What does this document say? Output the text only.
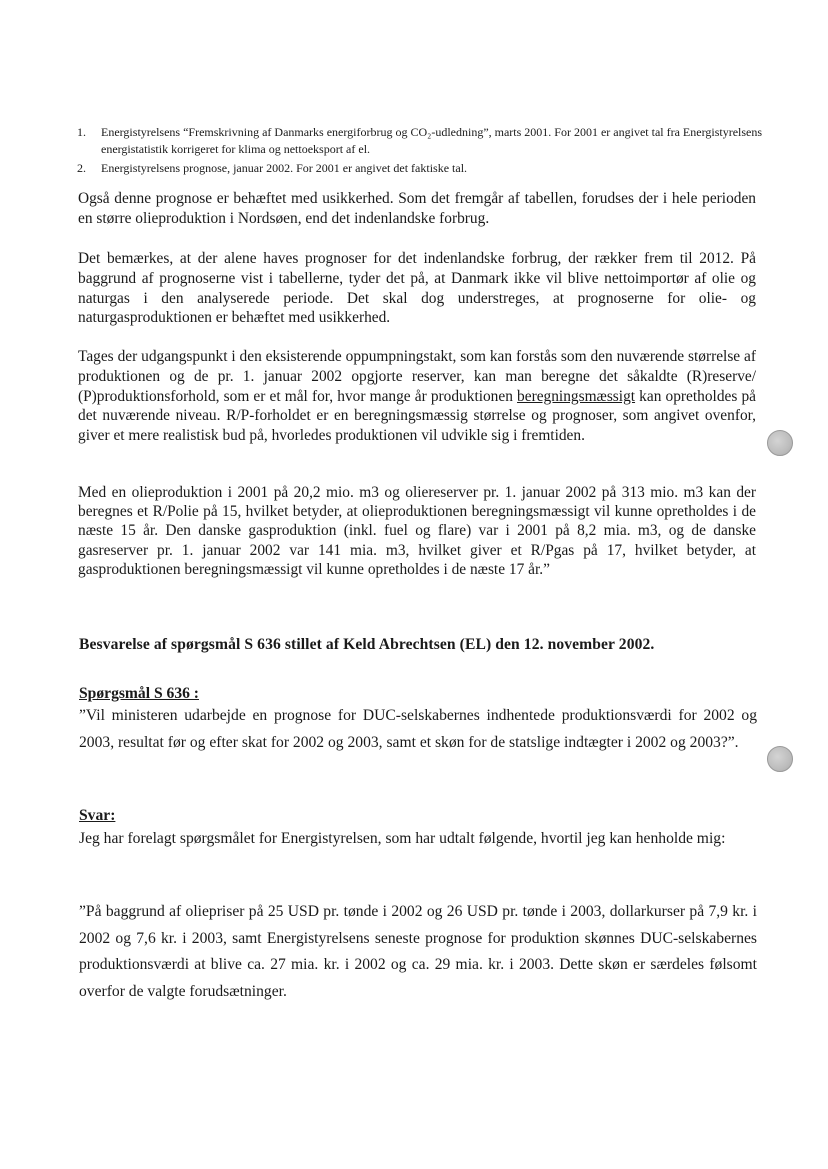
1.	Energistyrelsens “Fremskrivning af Danmarks energiforbrug og CO₂-udledning”, marts 2001. For 2001 er angivet tal fra Energistyrelsens energistatistik korrigeret for klima og nettoeksport af el.
2.	Energistyrelsens prognose, januar 2002. For 2001 er angivet det faktiske tal.

Også denne prognose er behæftet med usikkerhed. Som det fremgår af tabellen, forudses der i hele perioden en større olieproduktion i Nordsøen, end det indenlandske forbrug.

Det bemærkes, at der alene haves prognoser for det indenlandske forbrug, der rækker frem til 2012. På baggrund af prognoserne vist i tabellerne, tyder det på, at Danmark ikke vil blive nettoimportør af olie og naturgas i den analyserede periode. Det skal dog understreges, at prognoserne for olie- og naturgasproduktionen er behæftet med usikkerhed.

Tages der udgangspunkt i den eksisterende oppumpningstakt, som kan forstås som den nuværende størrelse af produktionen og de pr. 1. januar 2002 opgjorte reserver, kan man beregne det såkaldte (R)reserve/ (P)produktionsforhold, som er et mål for, hvor mange år produktionen beregningsmæssigt kan opretholdes på det nuværende niveau. R/P-forholdet er en beregningsmæssig størrelse og prognoser, som angivet ovenfor, giver et mere realistisk bud på, hvorledes produktionen vil udvikle sig i fremtiden.

Med en olieproduktion i 2001 på 20,2 mio. m3 og oliereserver pr. 1. januar 2002 på 313 mio. m3 kan der beregnes et R/Polie på 15, hvilket betyder, at olieproduktionen beregningsmæssigt vil kunne opretholdes i de næste 15 år. Den danske gasproduktion (inkl. fuel og flare) var i 2001 på 8,2 mia. m3, og de danske gasreserver pr. 1. januar 2002 var 141 mia. m3, hvilket giver et R/Pgas på 17, hvilket betyder, at gasproduktionen beregningsmæssigt vil kunne opretholdes i de næste 17 år.”

Besvarelse af spørgsmål S 636 stillet af Keld Abrechtsen (EL) den 12. november 2002.
Spørgsmål S 636 :

”Vil ministeren udarbejde en prognose for DUC-selskabernes indhentede produktionsværdi for 2002 og 2003, resultat før og efter skat for 2002 og 2003, samt et skøn for de statslige indtægter i 2002 og 2003?”.

Svar:

Jeg har forelagt spørgsmålet for Energistyrelsen, som har udtalt følgende, hvortil jeg kan henholde mig:

”På baggrund af oliepriser på 25 USD pr. tønde i 2002 og 26 USD pr. tønde i 2003, dollarkurser på 7,9 kr. i 2002 og 7,6 kr. i 2003, samt Energistyrelsens seneste prognose for produktion skønnes DUC-selskabernes produktionsværdi at blive ca. 27 mia. kr. i 2002 og ca. 29 mia. kr. i 2003. Dette skøn er særdeles følsomt overfor de valgte forudsætninger.
